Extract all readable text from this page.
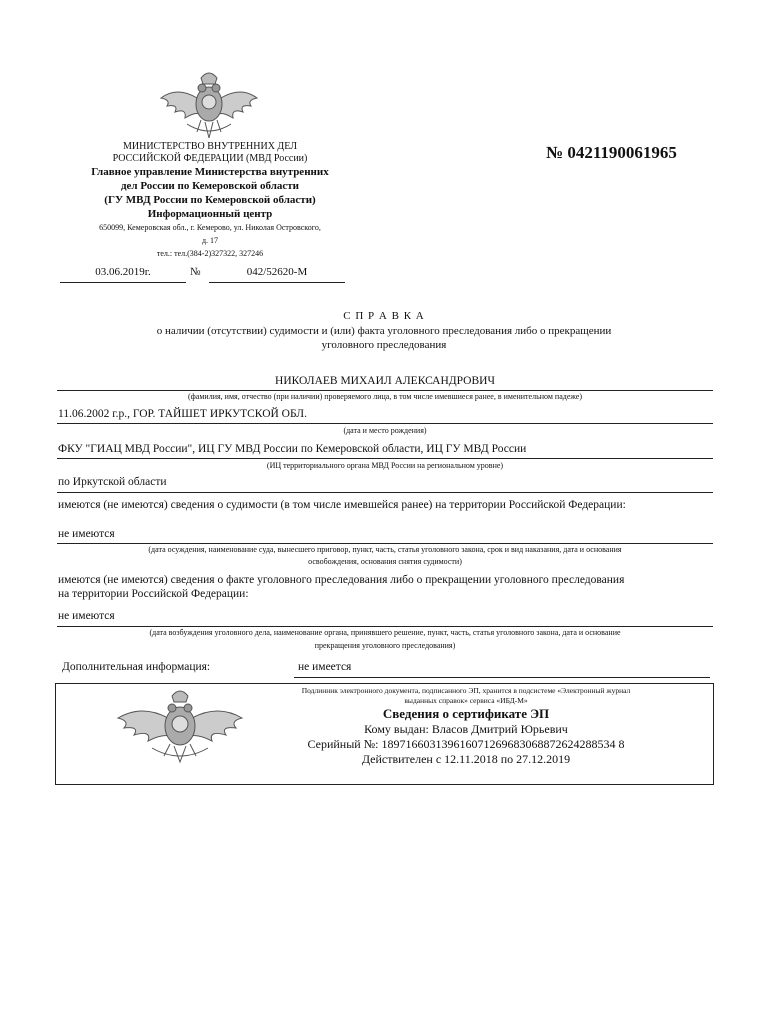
МИНИСТЕРСТВО ВНУТРЕННИХ ДЕЛ
РОССИЙСКОЙ ФЕДЕРАЦИИ (МВД России)
Главное управление Министерства внутренних
дел России по Кемеровской области
(ГУ МВД России по Кемеровской области)
Информационный центр
650099, Кемеровская обл., г. Кемерово, ул. Николая Островского,
д. 17
тел.: тел.(384-2)327322, 327246
03.06.2019г.	№	042/52620-М
№ 0421190061965
С П Р А В К А
о наличии (отсутствии) судимости и (или) факта уголовного преследования либо о прекращении
уголовного преследования
НИКОЛАЕВ МИХАИЛ АЛЕКСАНДРОВИЧ
(фамилия, имя, отчество (при наличии) проверяемого лица, в том числе имевшиеся ранее, в именительном падеже)
11.06.2002 г.р., ГОР. ТАЙШЕТ ИРКУТСКОЙ ОБЛ.
(дата и место рождения)
ФКУ "ГИАЦ МВД России", ИЦ ГУ МВД России по Кемеровской области, ИЦ ГУ МВД России
(ИЦ территориального органа МВД России на региональном уровне)
по Иркутской области
имеются (не имеются) сведения о судимости (в том числе имевшейся ранее) на территории Российской Федерации:
не имеются
(дата осуждения, наименование суда, вынесшего приговор, пункт, часть, статья уголовного закона, срок и вид наказания, дата и основания
освобождения, основания снятия судимости)
имеются (не имеются) сведения о факте уголовного преследования либо о прекращении уголовного преследования
на территории Российской Федерации:
не имеются
(дата возбуждения уголовного дела, наименование органа, принявшего решение, пункт, часть, статья уголовного закона, дата и основание
прекращения уголовного преследования)
Дополнительная информация:	не имеется
Подлинник электронного документа, подписанного ЭП, хранится в подсистеме «Электронный журнал
выданных справок» сервиса «ИБД-М»
Сведения о сертификате ЭП
Кому выдан: Власов Дмитрий Юрьевич
Серийный №: 189716603139616071269683068872624288534 8
Действителен с 12.11.2018 по 27.12.2019
